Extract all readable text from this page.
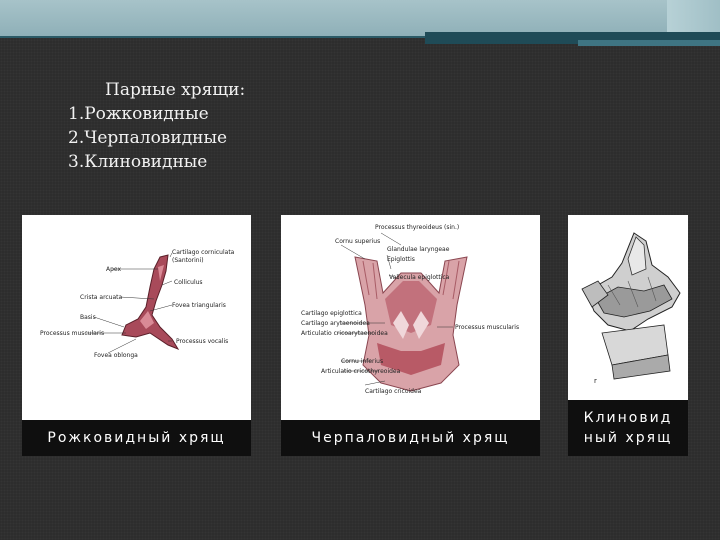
Парные хрящи:
1.Рожковидные
2.Черпаловидные
3.Клиновидные
Cartilago corniculata
(Santorini)
Apex
Colliculus
Crista arcuata
Fovea triangularis
Basis
Processus muscularis
Processus vocalis
Fovea oblonga
Рожковидный хрящ
Processus thyreoideus (sin.)
Cornu superius
Glandulae laryngeae
Epiglottis
Vallecula epiglottica
Cartilago epiglottica
Cartilago arytaenoidea
Articulatio cricoarytaenoidea
Processus muscularis
Cornu inferius
Articulatio cricothyreoidea
Cartilago cricoidea
Черпаловидный хрящ
r
Клиновид
ный хрящ
